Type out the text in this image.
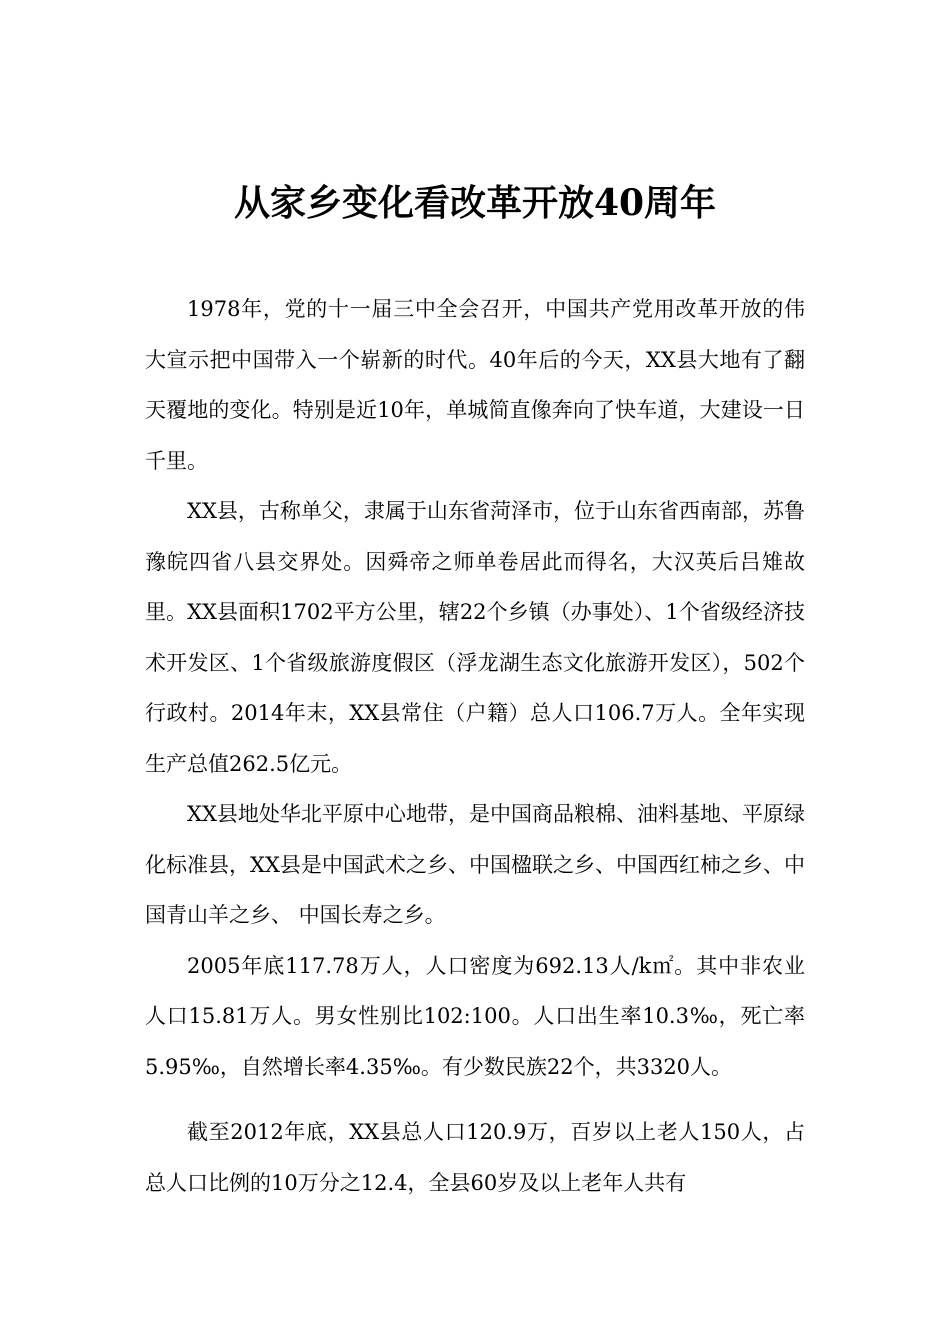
从家乡变化看改革开放40周年

1978年，党的十一届三中全会召开，中国共产党用改革开放的伟大宣示把中国带入一个崭新的时代。40年后的今天，XX县大地有了翻天覆地的变化。特别是近10年，单城简直像奔向了快车道，大建设一日千里。

XX县，古称单父，隶属于山东省菏泽市，位于山东省西南部，苏鲁豫皖四省八县交界处。因舜帝之师单卷居此而得名，大汉英后吕雉故里。XX县面积1702平方公里，辖22个乡镇（办事处）、1个省级经济技术开发区、1个省级旅游度假区（浮龙湖生态文化旅游开发区），502个行政村。2014年末，XX县常住（户籍）总人口106.7万人。全年实现生产总值262.5亿元。

XX县地处华北平原中心地带，是中国商品粮棉、油料基地、平原绿化标准县，XX县是中国武术之乡、中国楹联之乡、中国西红柿之乡、中国青山羊之乡、 中国长寿之乡。

2005年底117.78万人，人口密度为692.13人/k㎡。其中非农业人口15.81万人。男女性别比102:100。人口出生率10.3‰，死亡率5.95‰，自然增长率4.35‰。有少数民族22个，共3320人。

截至2012年底，XX县总人口120.9万，百岁以上老人150人，占总人口比例的10万分之12.4，全县60岁及以上老年人共有
